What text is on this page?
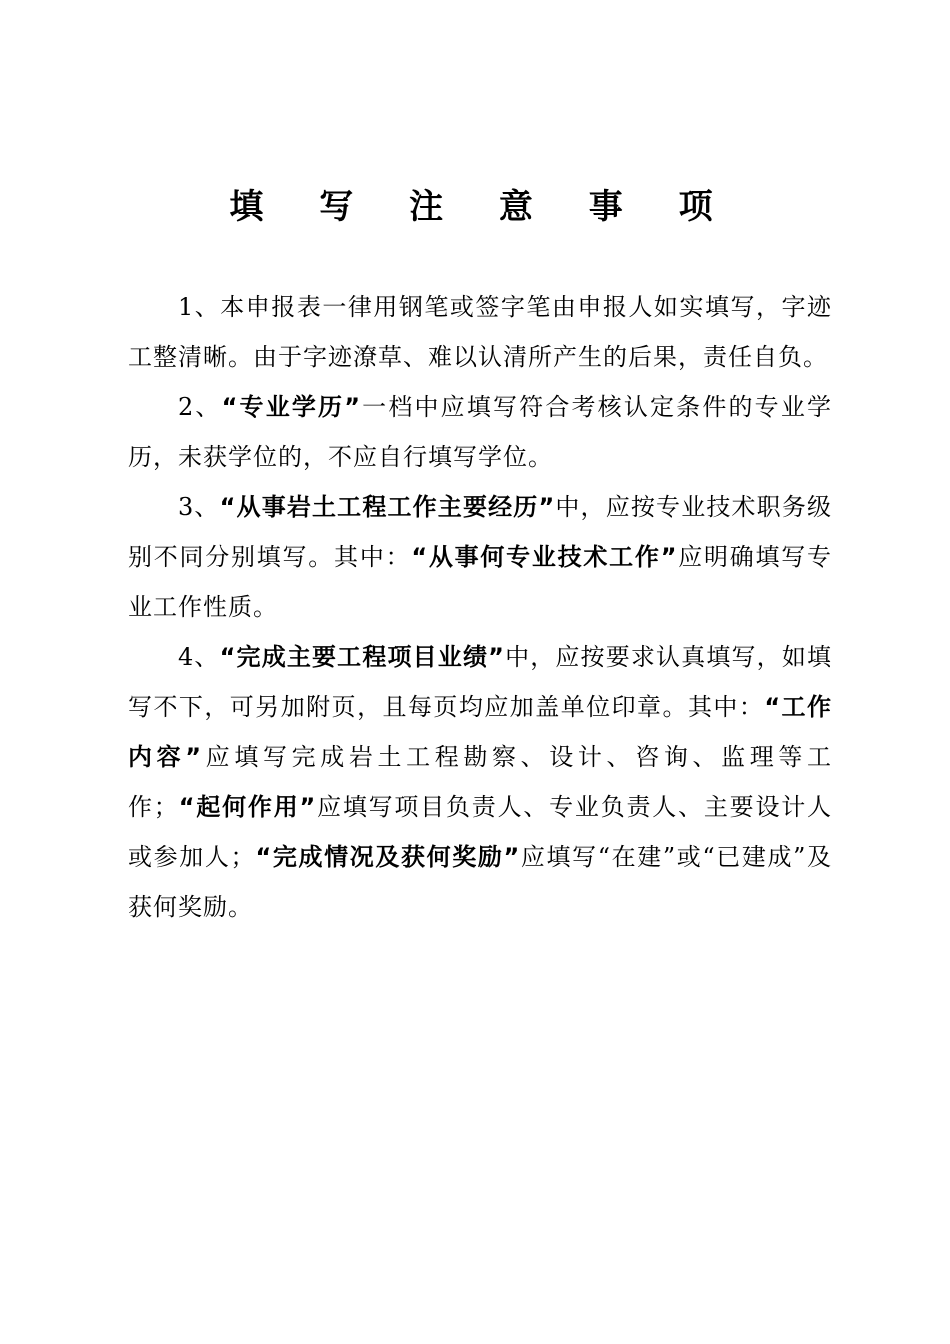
填 写 注 意 事 项

1、本申报表一律用钢笔或签字笔由申报人如实填写，字迹工整清晰。由于字迹潦草、难以认清所产生的后果，责任自负。

2、“专业学历”一档中应填写符合考核认定条件的专业学历，未获学位的，不应自行填写学位。

3、“从事岩土工程工作主要经历”中，应按专业技术职务级别不同分别填写。其中：“从事何专业技术工作”应明确填写专业工作性质。

4、“完成主要工程项目业绩”中，应按要求认真填写，如填写不下，可另加附页，且每页均应加盖单位印章。其中：“工作内容”应填写完成岩土工程勘察、设计、咨询、监理等工作；“起何作用”应填写项目负责人、专业负责人、主要设计人或参加人；“完成情况及获何奖励”应填写“在建”或“已建成”及获何奖励。
